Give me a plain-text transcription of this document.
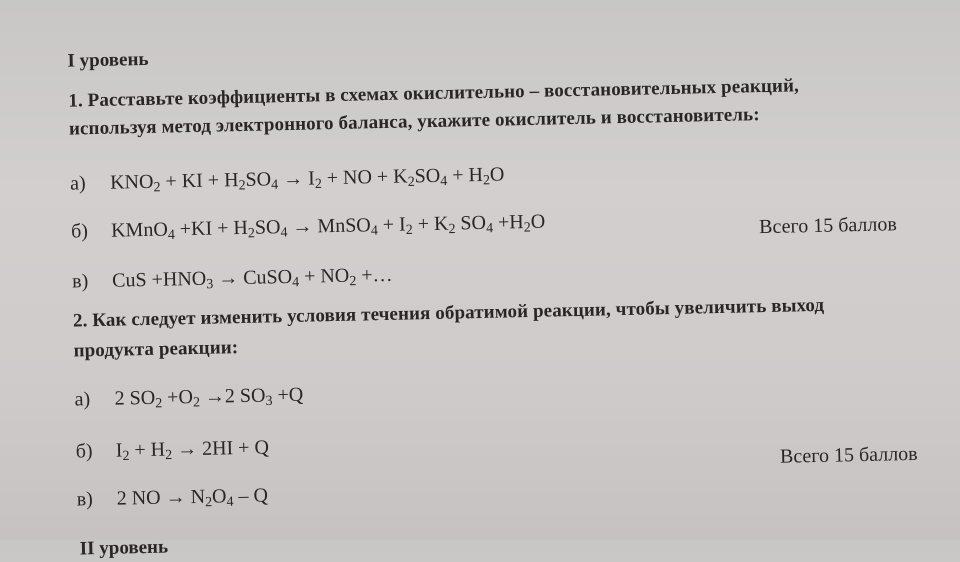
I уровень
1. Расставьте коэффициенты в схемах окислительно – восстановительных реакций,
используя метод электронного баланса, укажите окислитель и восстановитель:
а) $KNO_2$ + KI + $H_2SO_4 \to I_2$ + NO + $K_2SO_4 + H_2O$
б) KMnO$_4$ $+KI + H_2SO_4$ → MnSO$_4$ + $I_2 + K_2$ $SO_4 +H_2O$
в) CuS $+HNO_3$ → CuSO$_4$ + $NO_2$ +…
Всего 15 баллов
2. Как следует изменить условия течения обратимой реакции, чтобы увеличить выход
продукта реакции:
а) 2 $SO_2 +O_2 \to 2$ $SO_3 +Q$
б) $I_2 + H_2 \to 2HI + Q$
в) 2 NO → $N_2O_4$ – Q
Всего 15 баллов
II уровень
